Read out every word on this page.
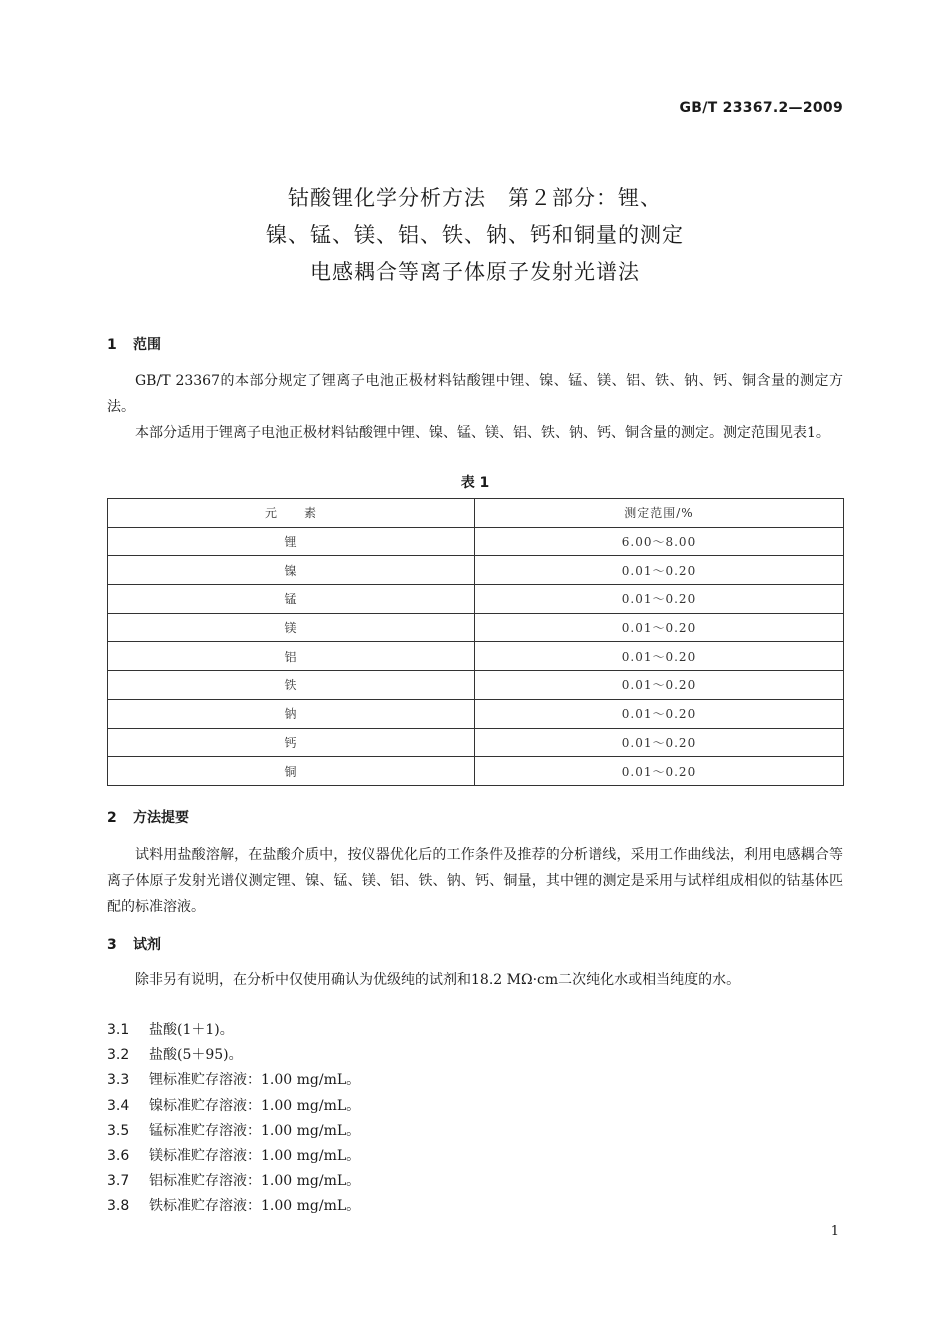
GB/T 23367.2—2009
钴酸锂化学分析方法　第２部分：锂、
镍、锰、镁、铝、铁、钠、钙和铜量的测定
电感耦合等离子体原子发射光谱法
1 范围
GB/T 23367的本部分规定了锂离子电池正极材料钴酸锂中锂、镍、锰、镁、铝、铁、钠、钙、铜含量的测定方法。
本部分适用于锂离子电池正极材料钴酸锂中锂、镍、锰、镁、铝、铁、钠、钙、铜含量的测定。测定范围见表1。
表 1
元　　素	测定范围/%
锂	6.00～8.00
镍	0.01～0.20
锰	0.01～0.20
镁	0.01～0.20
铝	0.01～0.20
铁	0.01～0.20
钠	0.01～0.20
钙	0.01～0.20
铜	0.01～0.20
2 方法提要
试料用盐酸溶解，在盐酸介质中，按仪器优化后的工作条件及推荐的分析谱线，采用工作曲线法，利用电感耦合等离子体原子发射光谱仪测定锂、镍、锰、镁、铝、铁、钠、钙、铜量，其中锂的测定是采用与试样组成相似的钴基体匹配的标准溶液。
3 试剂
除非另有说明，在分析中仅使用确认为优级纯的试剂和18.2 MΩ·cm二次纯化水或相当纯度的水。
3.1 盐酸(1＋1)。
3.2 盐酸(5＋95)。
3.3 锂标准贮存溶液：1.00 mg/mL。
3.4 镍标准贮存溶液：1.00 mg/mL。
3.5 锰标准贮存溶液：1.00 mg/mL。
3.6 镁标准贮存溶液：1.00 mg/mL。
3.7 铝标准贮存溶液：1.00 mg/mL。
3.8 铁标准贮存溶液：1.00 mg/mL。
1
